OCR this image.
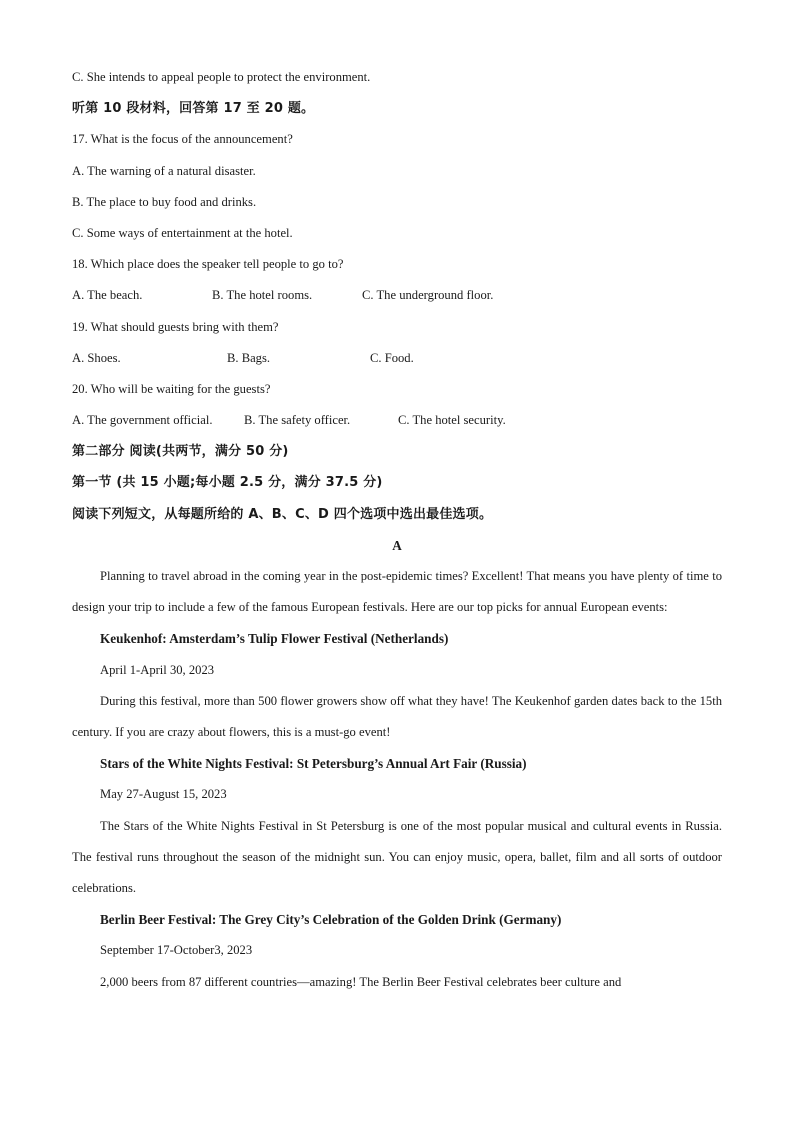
C. She intends to appeal people to protect the environment.
听第 10 段材料，回答第 17 至 20 题。
17. What is the focus of the announcement?
A. The warning of a natural disaster.
B. The place to buy food and drinks.
C. Some ways of entertainment at the hotel.
18. Which place does the speaker tell people to go to?
A. The beach.	B. The hotel rooms.	C. The underground floor.
19. What should guests bring with them?
A. Shoes.	B. Bags.	C. Food.
20. Who will be waiting for the guests?
A. The government official.	B. The safety officer.	C. The hotel security.
第二部分 阅读(共两节，满分 50 分)
第一节 (共 15 小题;每小题 2.5 分，满分 37.5 分)
阅读下列短文，从每题所给的 A、B、C、D 四个选项中选出最佳选项。
A
Planning to travel abroad in the coming year in the post-epidemic times? Excellent! That means you have plenty of time to design your trip to include a few of the famous European festivals. Here are our top picks for annual European events:
Keukenhof: Amsterdam’s Tulip Flower Festival (Netherlands)
April 1-April 30, 2023
During this festival, more than 500 flower growers show off what they have! The Keukenhof garden dates back to the 15th century. If you are crazy about flowers, this is a must-go event!
Stars of the White Nights Festival: St Petersburg’s Annual Art Fair (Russia)
May 27-August 15, 2023
The Stars of the White Nights Festival in St Petersburg is one of the most popular musical and cultural events in Russia. The festival runs throughout the season of the midnight sun. You can enjoy music, opera, ballet, film and all sorts of outdoor celebrations.
Berlin Beer Festival: The Grey City’s Celebration of the Golden Drink (Germany)
September 17-October3, 2023
2,000 beers from 87 different countries—amazing! The Berlin Beer Festival celebrates beer culture and
